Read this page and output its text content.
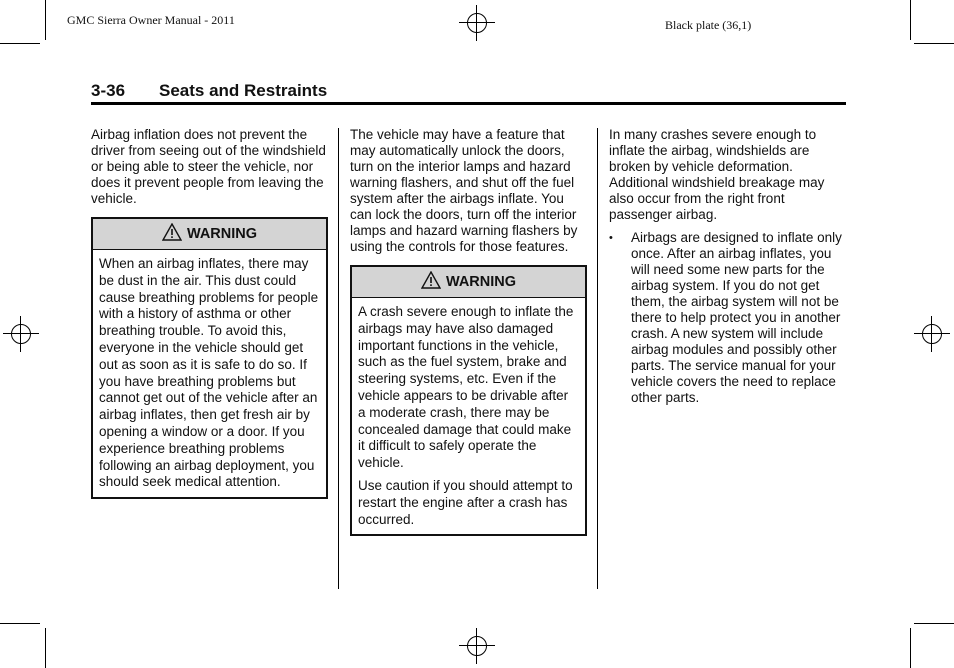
GMC Sierra Owner Manual - 2011	Black plate (36,1)
3-36 Seats and Restraints

Airbag inflation does not prevent the driver from seeing out of the windshield or being able to steer the vehicle, nor does it prevent people from leaving the vehicle.

WARNING

When an airbag inflates, there may be dust in the air. This dust could cause breathing problems for people with a history of asthma or other breathing trouble. To avoid this, everyone in the vehicle should get out as soon as it is safe to do so. If you have breathing problems but cannot get out of the vehicle after an airbag inflates, then get fresh air by opening a window or a door. If you experience breathing problems following an airbag deployment, you should seek medical attention.

The vehicle may have a feature that may automatically unlock the doors, turn on the interior lamps and hazard warning flashers, and shut off the fuel system after the airbags inflate. You can lock the doors, turn off the interior lamps and hazard warning flashers by using the controls for those features.

WARNING

A crash severe enough to inflate the airbags may have also damaged important functions in the vehicle, such as the fuel system, brake and steering systems, etc. Even if the vehicle appears to be drivable after a moderate crash, there may be concealed damage that could make it difficult to safely operate the vehicle.

Use caution if you should attempt to restart the engine after a crash has occurred.

In many crashes severe enough to inflate the airbag, windshields are broken by vehicle deformation. Additional windshield breakage may also occur from the right front passenger airbag.

•	Airbags are designed to inflate only once. After an airbag inflates, you will need some new parts for the airbag system. If you do not get them, the airbag system will not be there to help protect you in another crash. A new system will include airbag modules and possibly other parts. The service manual for your vehicle covers the need to replace other parts.
